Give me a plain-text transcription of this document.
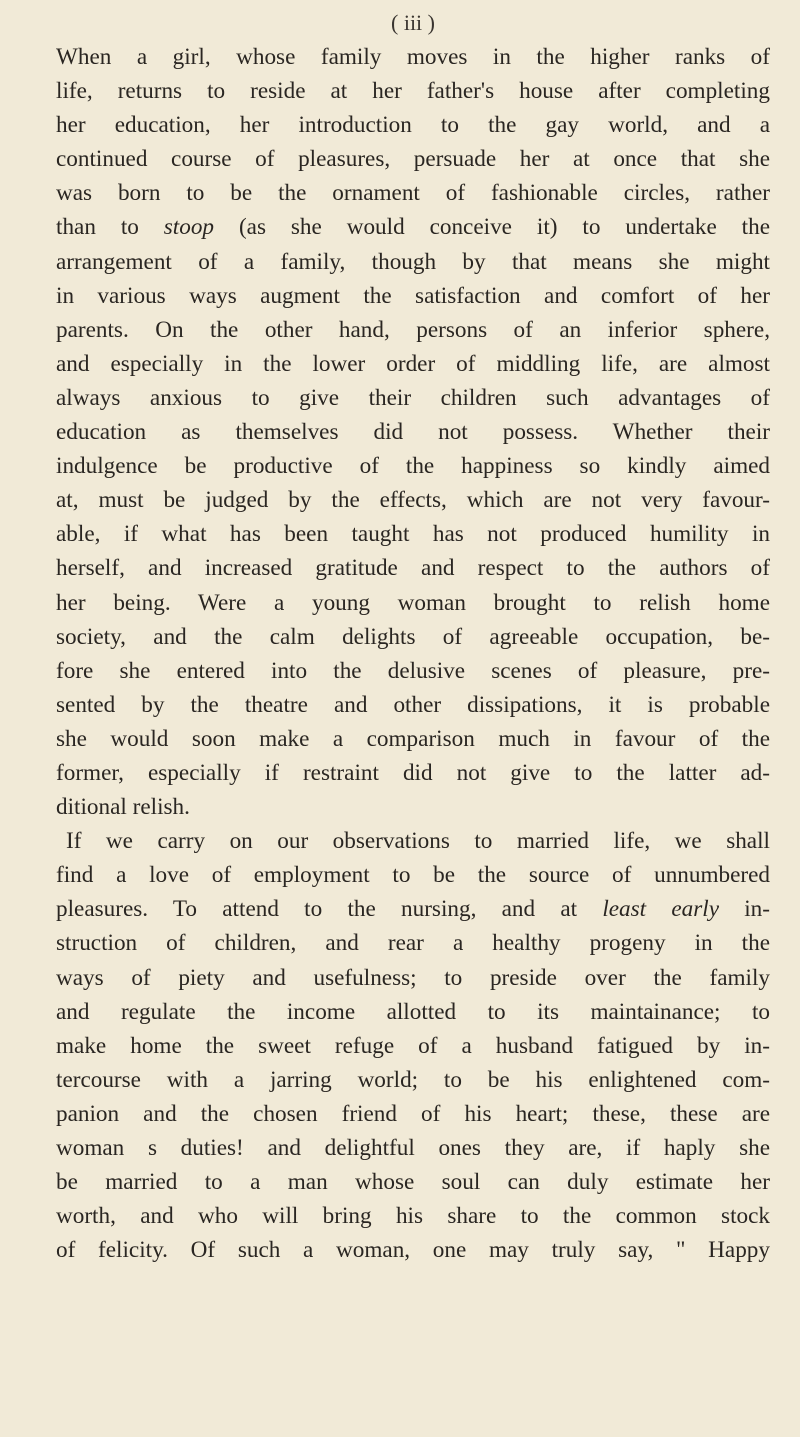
( iii )
When a girl, whose family moves in the higher ranks of
life, returns to reside at her father's house after completing
her education, her introduction to the gay world, and a
continued course of pleasures, persuade her at once that she
was born to be the ornament of fashionable circles, rather
than to stoop (as she would conceive it) to undertake the
arrangement of a family, though by that means she might
in various ways augment the satisfaction and comfort of her
parents. On the other hand, persons of an inferior sphere,
and especially in the lower order of middling life, are almost
always anxious to give their children such advantages of
education as themselves did not possess. Whether their
indulgence be productive of the happiness so kindly aimed
at, must be judged by the effects, which are not very favour-
able, if what has been taught has not produced humility in
herself, and increased gratitude and respect to the authors of
her being. Were a young woman brought to relish home
society, and the calm delights of agreeable occupation, be-
fore she entered into the delusive scenes of pleasure, pre-
sented by the theatre and other dissipations, it is probable
she would soon make a comparison much in favour of the
former, especially if restraint did not give to the latter ad-
ditional relish.
If we carry on our observations to married life, we shall
find a love of employment to be the source of unnumbered
pleasures. To attend to the nursing, and at least early in-
struction of children, and rear a healthy progeny in the
ways of piety and usefulness; to preside over the family
and regulate the income allotted to its maintainance; to
make home the sweet refuge of a husband fatigued by in-
tercourse with a jarring world; to be his enlightened com-
panion and the chosen friend of his heart; these, these are
woman s duties! and delightful ones they are, if haply she
be married to a man whose soul can duly estimate her
worth, and who will bring his share to the common stock
of felicity. Of such a woman, one may truly say, " Happy
